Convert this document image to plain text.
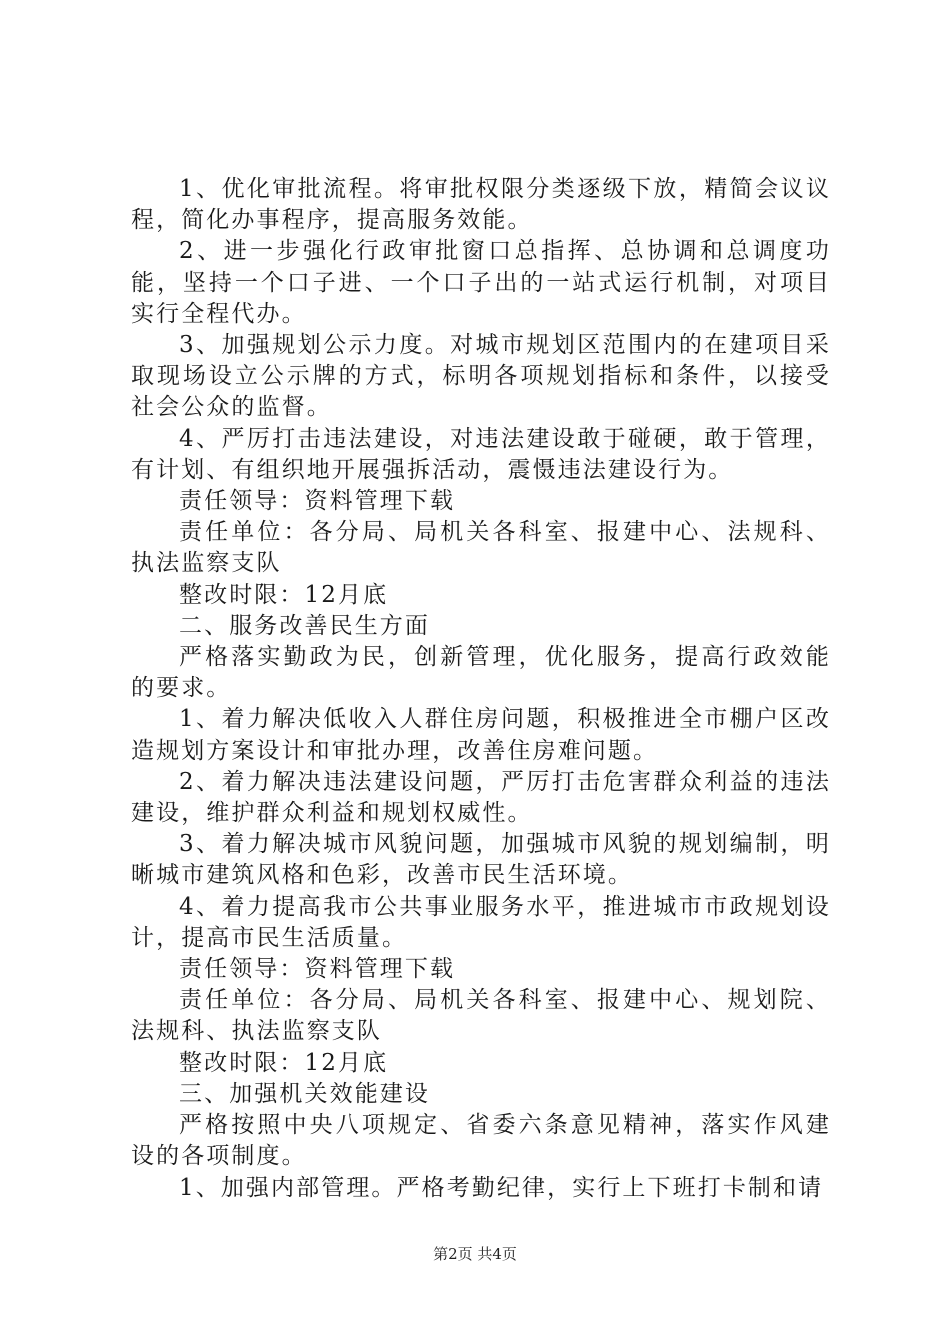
1、优化审批流程。将审批权限分类逐级下放，精简会议议程，简化办事程序，提高服务效能。

2、进一步强化行政审批窗口总指挥、总协调和总调度功能，坚持一个口子进、一个口子出的一站式运行机制，对项目实行全程代办。

3、加强规划公示力度。对城市规划区范围内的在建项目采取现场设立公示牌的方式，标明各项规划指标和条件，以接受社会公众的监督。

4、严厉打击违法建设，对违法建设敢于碰硬，敢于管理，有计划、有组织地开展强拆活动，震慑违法建设行为。

责任领导：资料管理下载

责任单位：各分局、局机关各科室、报建中心、法规科、执法监察支队

整改时限：12月底

二、服务改善民生方面

严格落实勤政为民，创新管理，优化服务，提高行政效能的要求。

1、着力解决低收入人群住房问题，积极推进全市棚户区改造规划方案设计和审批办理，改善住房难问题。

2、着力解决违法建设问题，严厉打击危害群众利益的违法建设，维护群众利益和规划权威性。

3、着力解决城市风貌问题，加强城市风貌的规划编制，明晰城市建筑风格和色彩，改善市民生活环境。

4、着力提高我市公共事业服务水平，推进城市市政规划设计，提高市民生活质量。

责任领导：资料管理下载

责任单位：各分局、局机关各科室、报建中心、规划院、法规科、执法监察支队

整改时限：12月底

三、加强机关效能建设

严格按照中央八项规定、省委六条意见精神，落实作风建设的各项制度。

1、加强内部管理。严格考勤纪律，实行上下班打卡制和请

第2页 共4页
